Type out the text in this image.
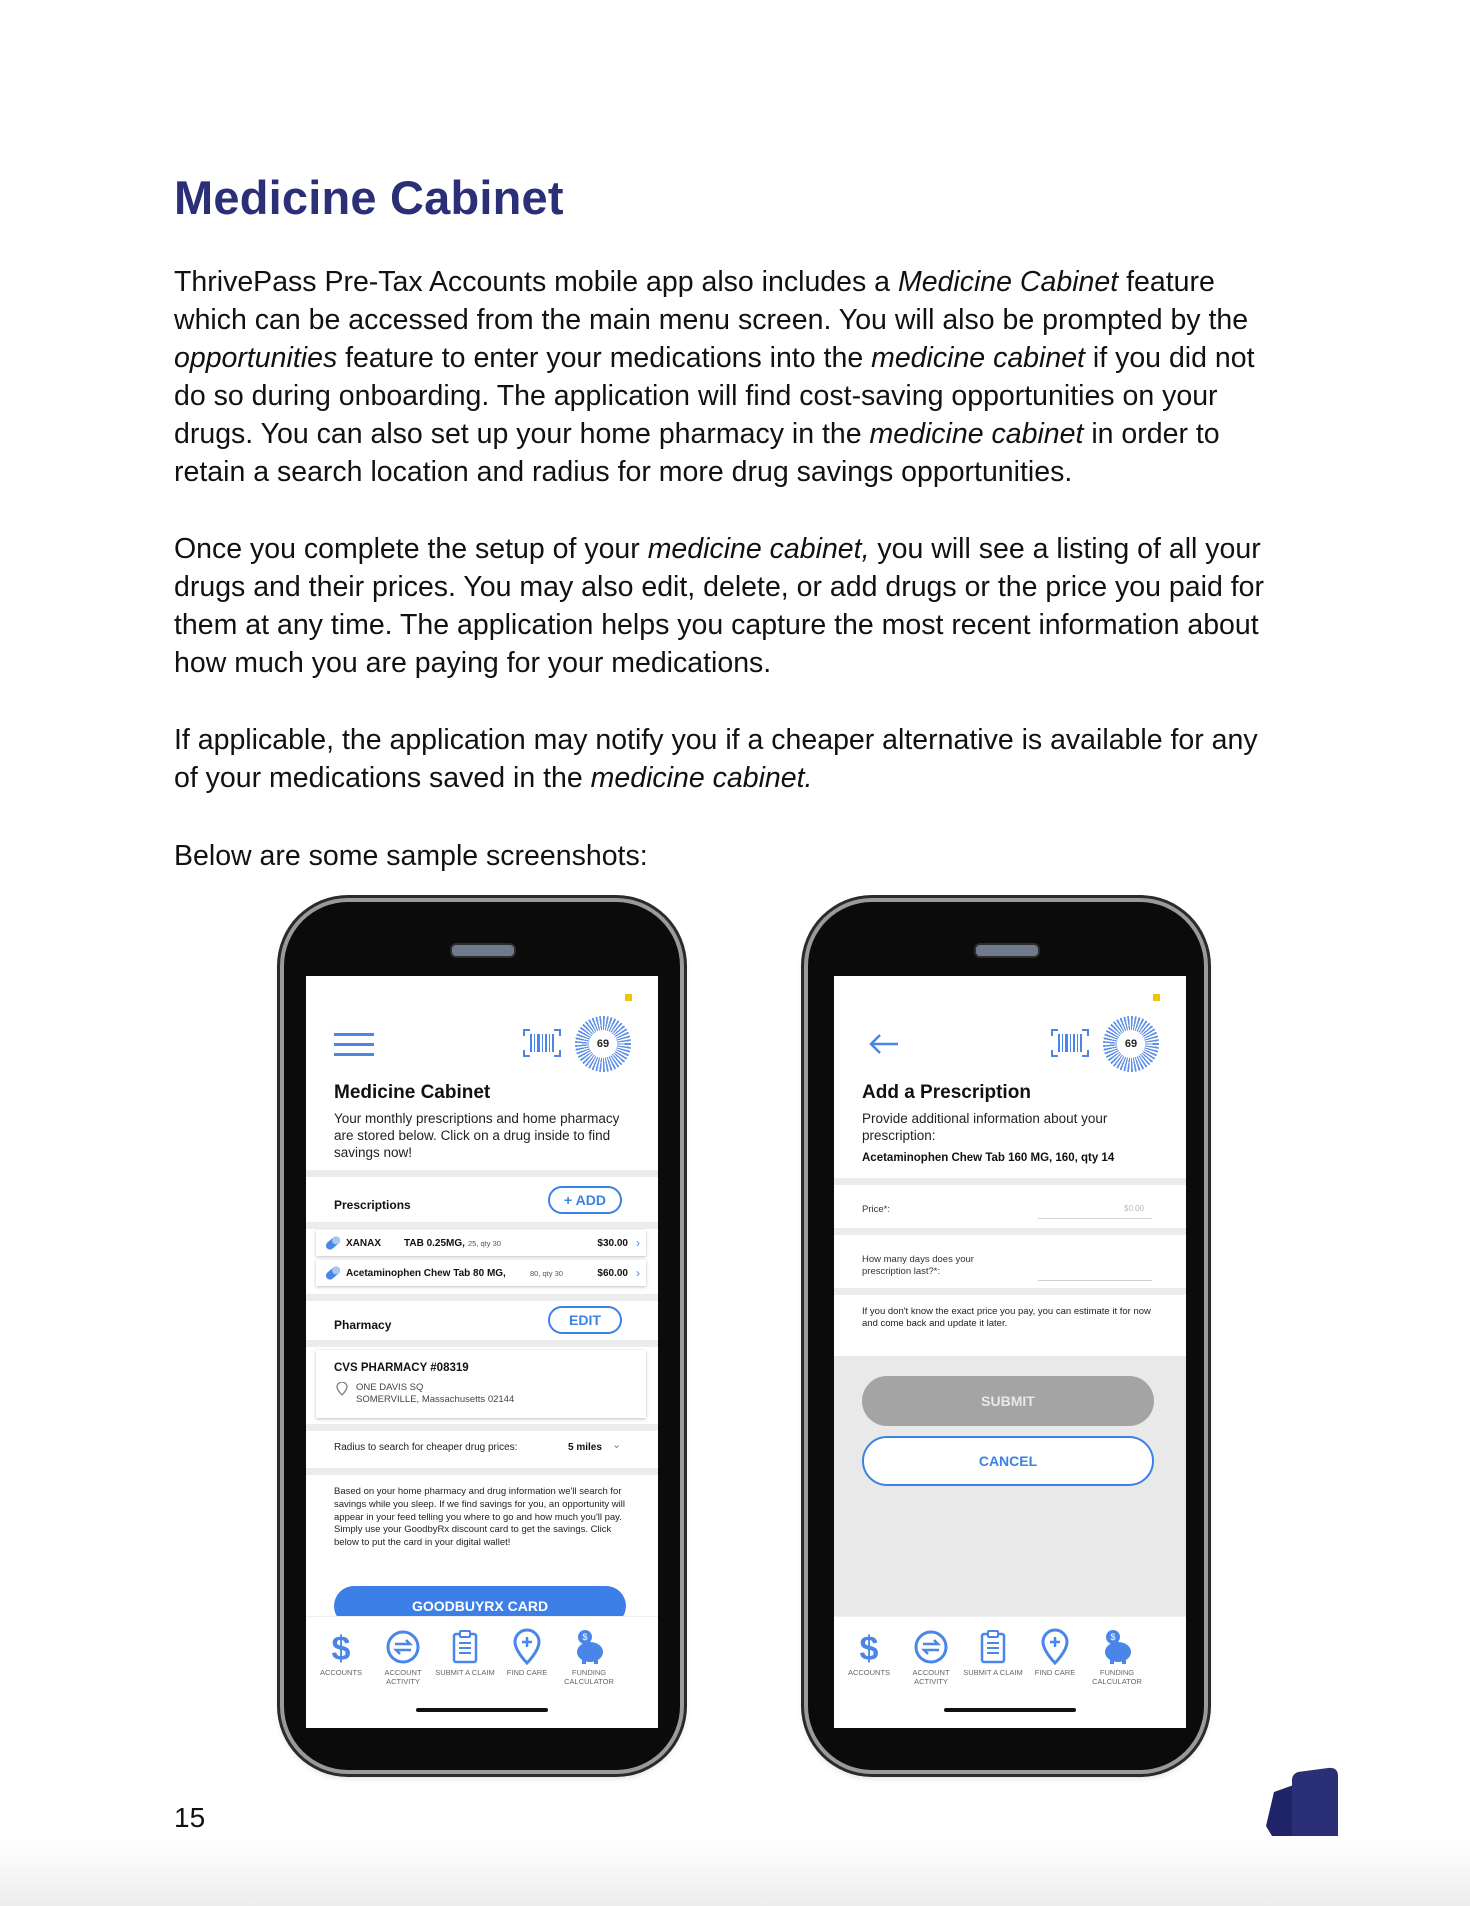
Medicine Cabinet

ThrivePass Pre-Tax Accounts mobile app also includes a Medicine Cabinet feature which can be accessed from the main menu screen. You will also be prompted by the opportunities feature to enter your medications into the medicine cabinet if you did not do so during onboarding. The application will find cost-saving opportunities on your drugs. You can also set up your home pharmacy in the medicine cabinet in order to retain a search location and radius for more drug savings opportunities.

Once you complete the setup of your medicine cabinet, you will see a listing of all your drugs and their prices. You may also edit, delete, or add drugs or the price you paid for them at any time. The application helps you capture the most recent information about how much you are paying for your medications.

If applicable, the application may notify you if a cheaper alternative is available for any of your medications saved in the medicine cabinet.

Below are some sample screenshots:

69
Medicine Cabinet
Your monthly prescriptions and home pharmacy are stored below. Click on a drug inside to find savings now!
Prescriptions	+ ADD
XANAX TAB 0.25MG, 25, qty 30	$30.00 ›
Acetaminophen Chew Tab 80 MG,	80, qty 30	$60.00 ›
Pharmacy	EDIT
CVS PHARMACY #08319
ONE DAVIS SQ
SOMERVILLE, Massachusetts 02144
Radius to search for cheaper drug prices:	5 miles ⌄
Based on your home pharmacy and drug information we'll search for savings while you sleep. If we find savings for you, an opportunity will appear in your feed telling you where to go and how much you'll pay. Simply use your GoodbyRx discount card to get the savings. Click below to put the card in your digital wallet!
GOODBUYRX CARD
$
ACCOUNTS	ACCOUNT ACTIVITY
SUBMIT A CLAIM	FIND CARE
$
FUNDING CALCULATOR
69
Add a Prescription
Provide additional information about your prescription:
Acetaminophen Chew Tab 160 MG, 160, qty 14
Price*:	$0.00
How many days does your prescription last?*:
If you don't know the exact price you pay, you can estimate it for now and come back and update it later.
SUBMIT
CANCEL
$
ACCOUNTS	ACCOUNT ACTIVITY
SUBMIT A CLAIM	FIND CARE
$
FUNDING CALCULATOR
15
